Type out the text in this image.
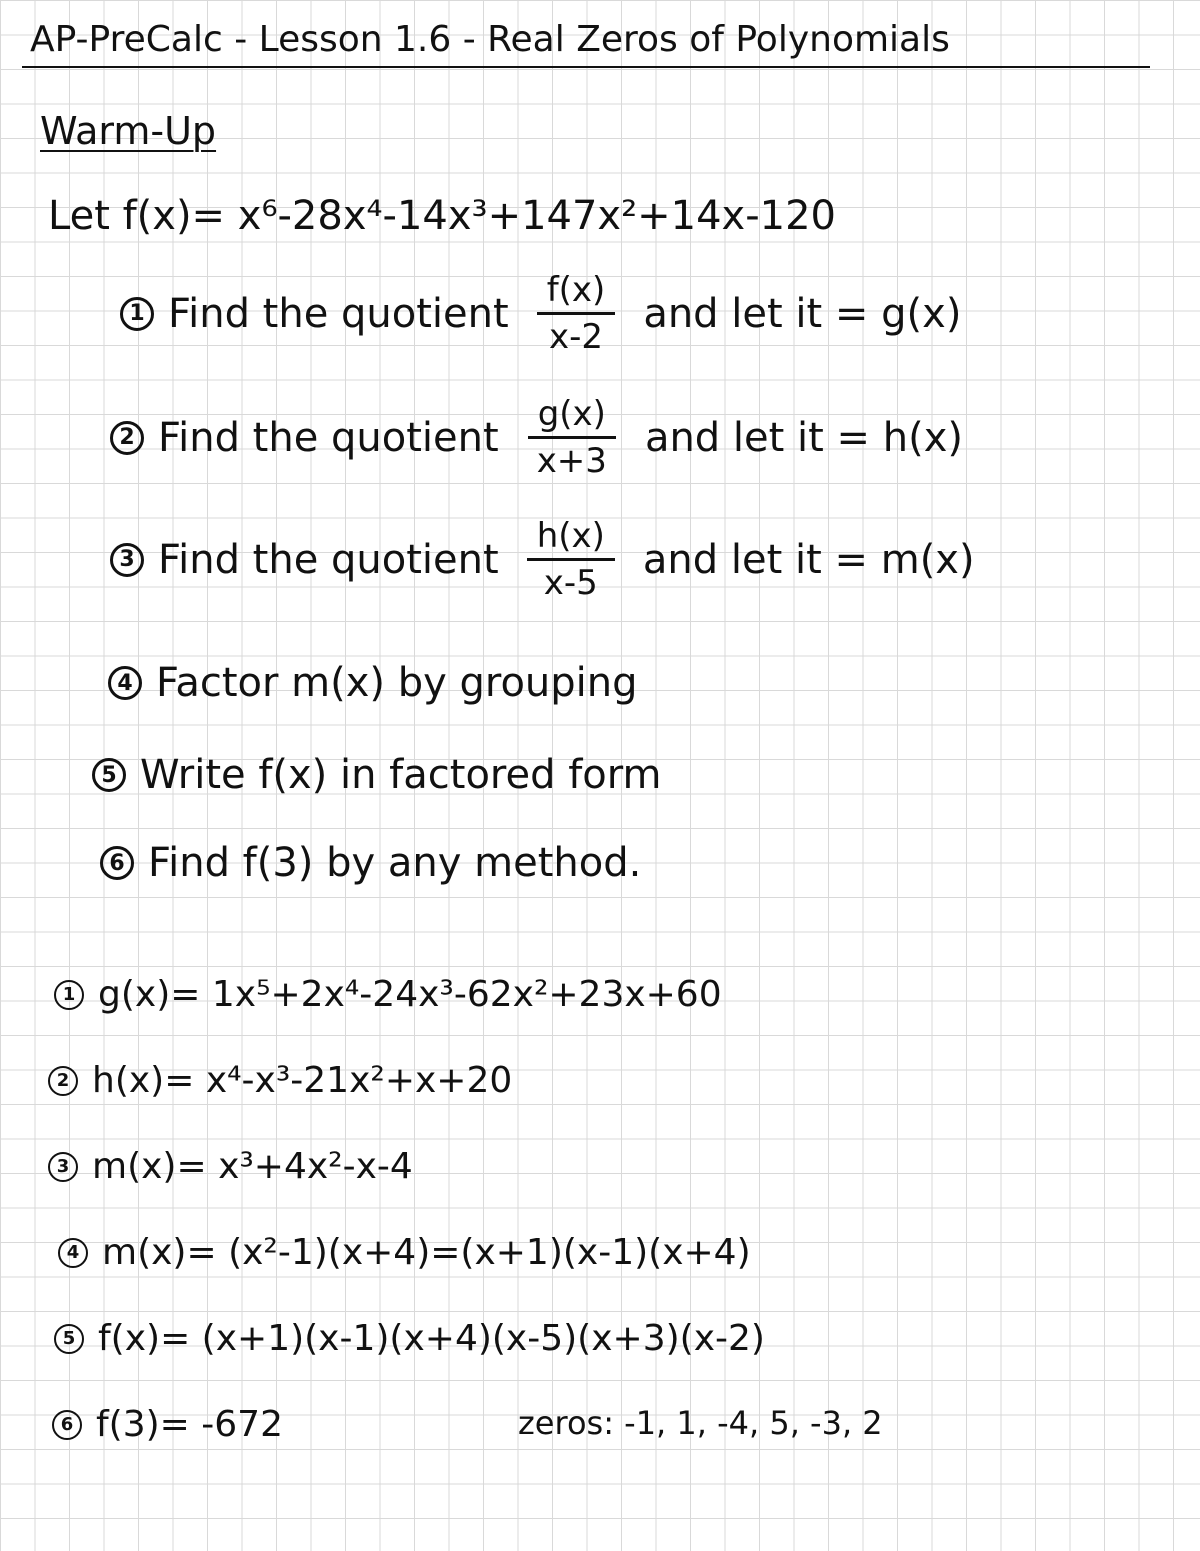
AP-PreCalc - Lesson 1.6 - Real Zeros of Polynomials
Warm-Up
Let f(x)= x⁶-28x⁴-14x³+147x²+14x-120
1 Find the quotient $\frac{f(x)}{x-2}$ and let it = g(x)
2 Find the quotient $\frac{g(x)}{x+3}$ and let it = h(x)
3 Find the quotient $\frac{h(x)}{x-5}$ and let it = m(x)
4 Factor m(x) by grouping
5 Write f(x) in factored form
6 Find f(3) by any method.
1 g(x)= 1x⁵+2x⁴-24x³-62x²+23x+60
2 h(x)= x⁴-x³-21x²+x+20
3 m(x)= x³+4x²-x-4
4 m(x)= (x²-1)(x+4)=(x+1)(x-1)(x+4)
5 f(x)= (x+1)(x-1)(x+4)(x-5)(x+3)(x-2)
6 f(3)= -672	zeros: -1, 1, -4, 5, -3, 2
